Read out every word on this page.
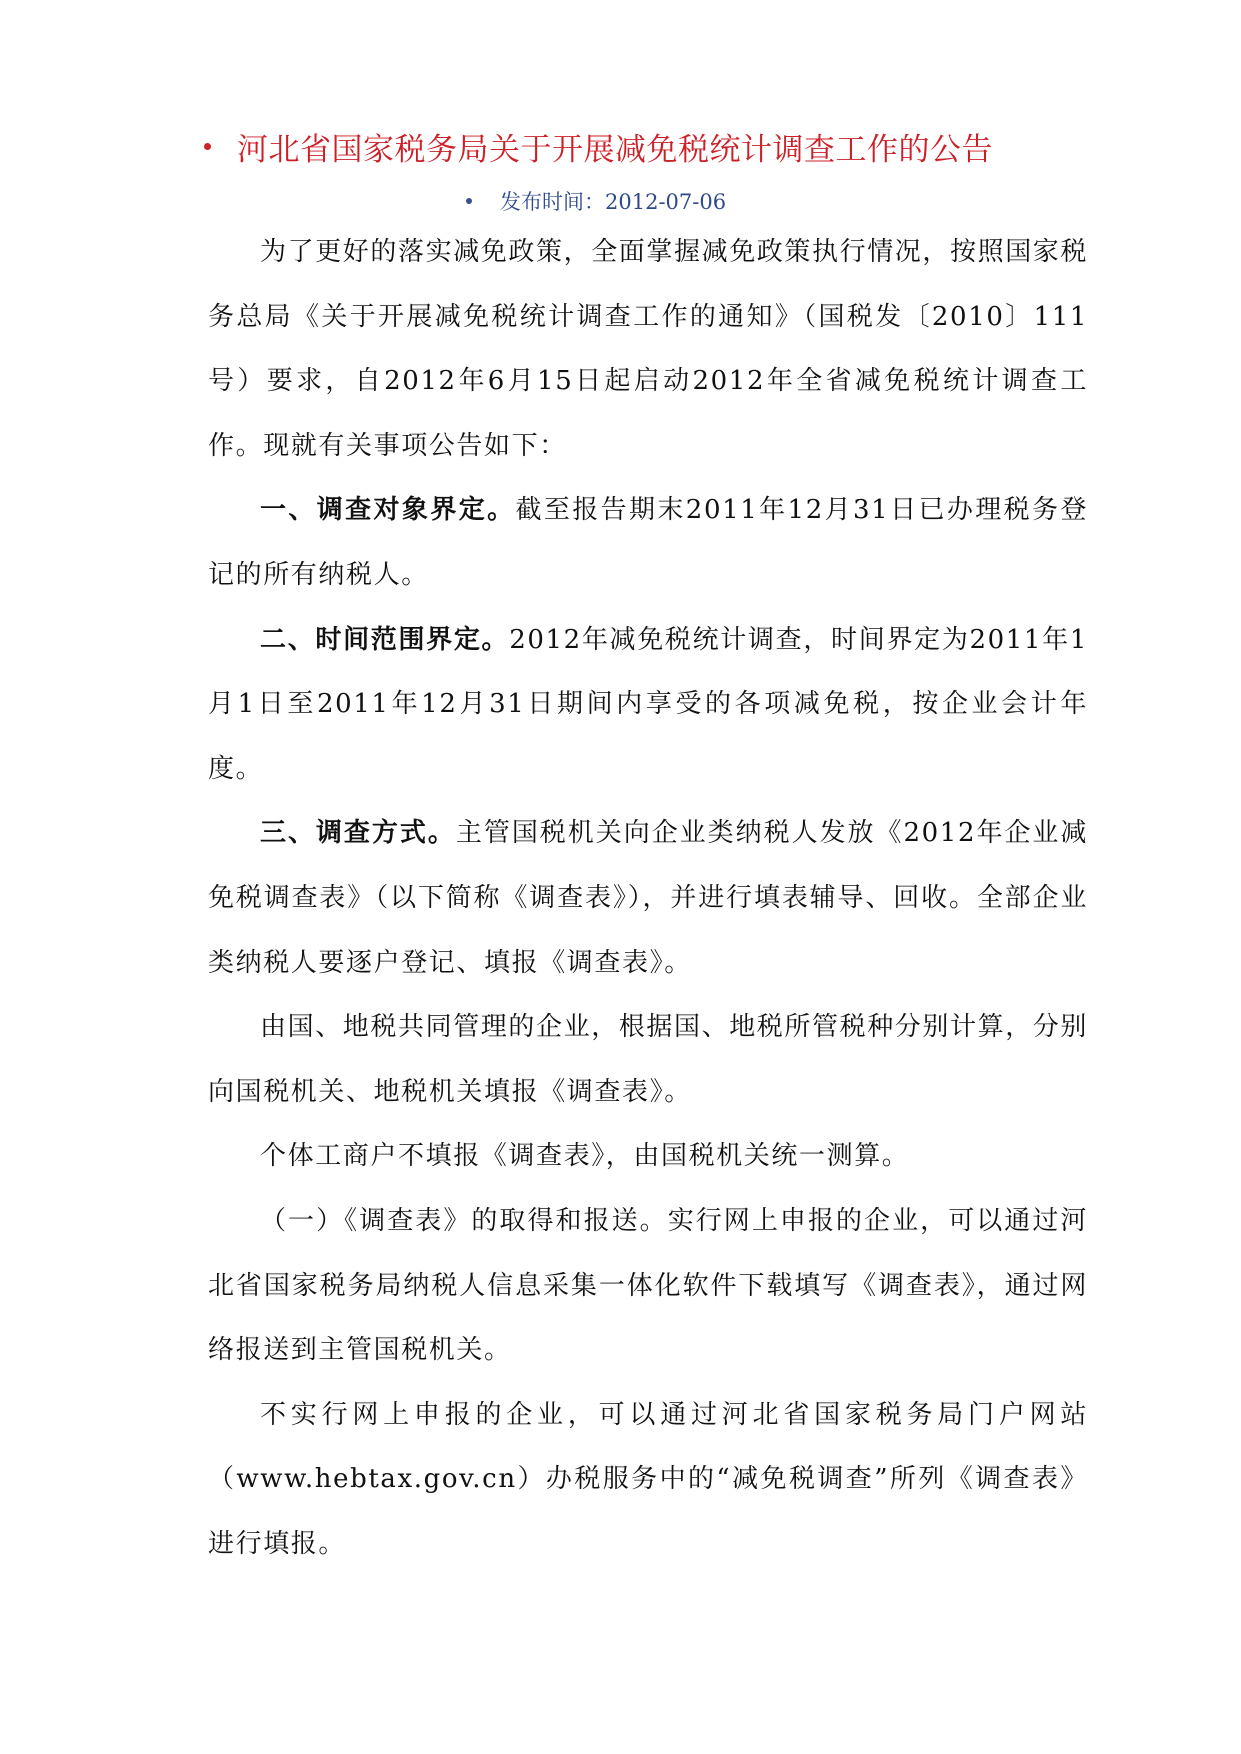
河北省国家税务局关于开展减免税统计调查工作的公告
发布时间：2012-07-06

为了更好的落实减免政策，全面掌握减免政策执行情况，按照国家税务总局《关于开展减免税统计调查工作的通知》（国税发〔2010〕111号）要求，自2012年6月15日起启动2012年全省减免税统计调查工作。现就有关事项公告如下：

一、调查对象界定。截至报告期末2011年12月31日已办理税务登记的所有纳税人。

二、时间范围界定。2012年减免税统计调查，时间界定为2011年1月1日至2011年12月31日期间内享受的各项减免税，按企业会计年度。

三、调查方式。主管国税机关向企业类纳税人发放《2012年企业减免税调查表》（以下简称《调查表》），并进行填表辅导、回收。全部企业类纳税人要逐户登记、填报《调查表》。

由国、地税共同管理的企业，根据国、地税所管税种分别计算，分别向国税机关、地税机关填报《调查表》。

个体工商户不填报《调查表》，由国税机关统一测算。

（一）《调查表》的取得和报送。实行网上申报的企业，可以通过河北省国家税务局纳税人信息采集一体化软件下载填写《调查表》，通过网络报送到主管国税机关。

不实行网上申报的企业，可以通过河北省国家税务局门户网站（www.hebtax.gov.cn）办税服务中的“减免税调查”所列《调查表》进行填报。
